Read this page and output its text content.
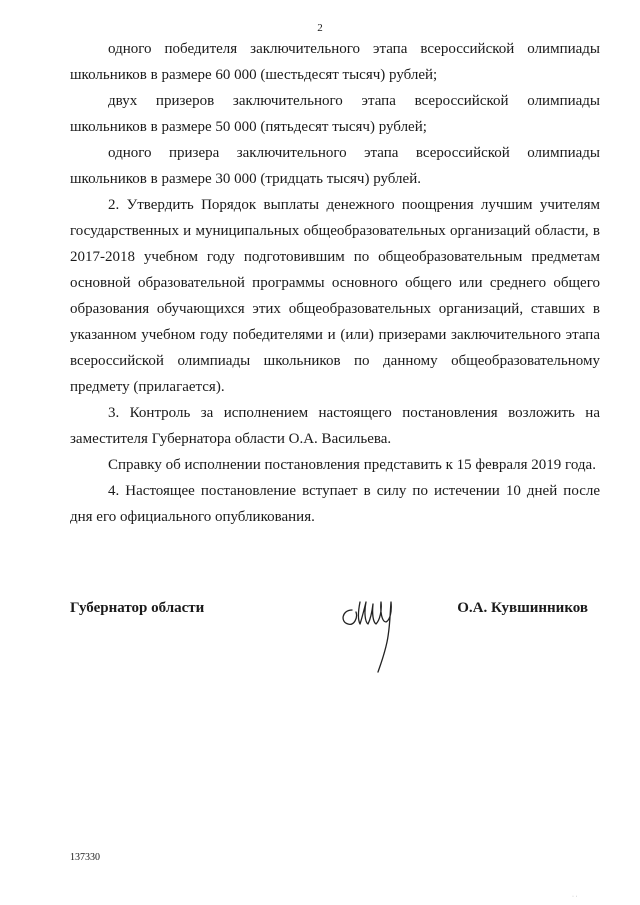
2

одного победителя заключительного этапа всероссийской олимпиады школьников в размере 60 000 (шестьдесят тысяч) рублей;

двух призеров заключительного этапа всероссийской олимпиады школьников в размере 50 000 (пятьдесят тысяч) рублей;

одного призера заключительного этапа всероссийской олимпиады школьников в размере 30 000 (тридцать тысяч) рублей.

2. Утвердить Порядок выплаты денежного поощрения лучшим учителям государственных и муниципальных общеобразовательных организаций области, в 2017-2018 учебном году подготовившим по общеобразовательным предметам основной образовательной программы основного общего или среднего общего образования обучающихся этих общеобразовательных организаций, ставших в указанном учебном году победителями и (или) призерами заключительного этапа всероссийской олимпиады школьников по данному общеобразовательному предмету (прилагается).

3. Контроль за исполнением настоящего постановления возложить на заместителя Губернатора области О.А. Васильева.

Справку об исполнении постановления представить к 15 февраля 2019 года.

4. Настоящее постановление вступает в силу по истечении 10 дней после дня его официального опубликования.

Губернатор области	О.А. Кувшинников
137330
· ·
